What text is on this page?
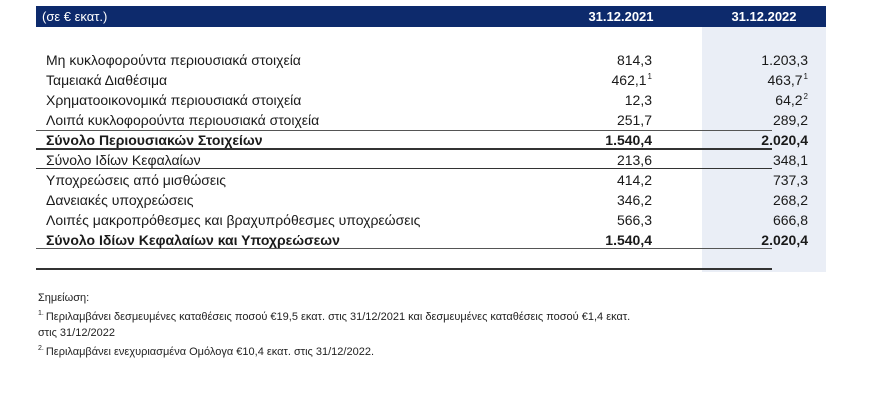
(σε € εκατ.)	31.12.2021	31.12.2022
Μη κυκλοφορούντα περιουσιακά στοιχεία	814,3	1.203,3
Ταμειακά Διαθέσιμα	462,1$^1$	463,7$^1$
Χρηματοοικονομικά περιουσιακά στοιχεία	12,3	64,2$^2$
Λοιπά κυκλοφορούντα περιουσιακά στοιχεία	251,7	289,2
Σύνολο Περιουσιακών Στοιχείων	1.540,4	2.020,4
Σύνολο Ιδίων Κεφαλαίων	213,6	348,1
Υποχρεώσεις από μισθώσεις	414,2	737,3
Δανειακές υποχρεώσεις	346,2	268,2
Λοιπές μακροπρόθεσμες και βραχυπρόθεσμες υποχρεώσεις	566,3	666,8
Σύνολο Ιδίων Κεφαλαίων και Υποχρεώσεων	1.540,4	2.020,4
Σημείωση:
$^{1.}$ Περιλαμβάνει δεσμευμένες καταθέσεις ποσού €19,5 εκατ. στις 31/12/2021 και δεσμευμένες καταθέσεις ποσού €1,4 εκατ.
στις 31/12/2022
$^{2.}$ Περιλαμβάνει ενεχυριασμένα Ομόλογα €10,4 εκατ. στις 31/12/2022.
